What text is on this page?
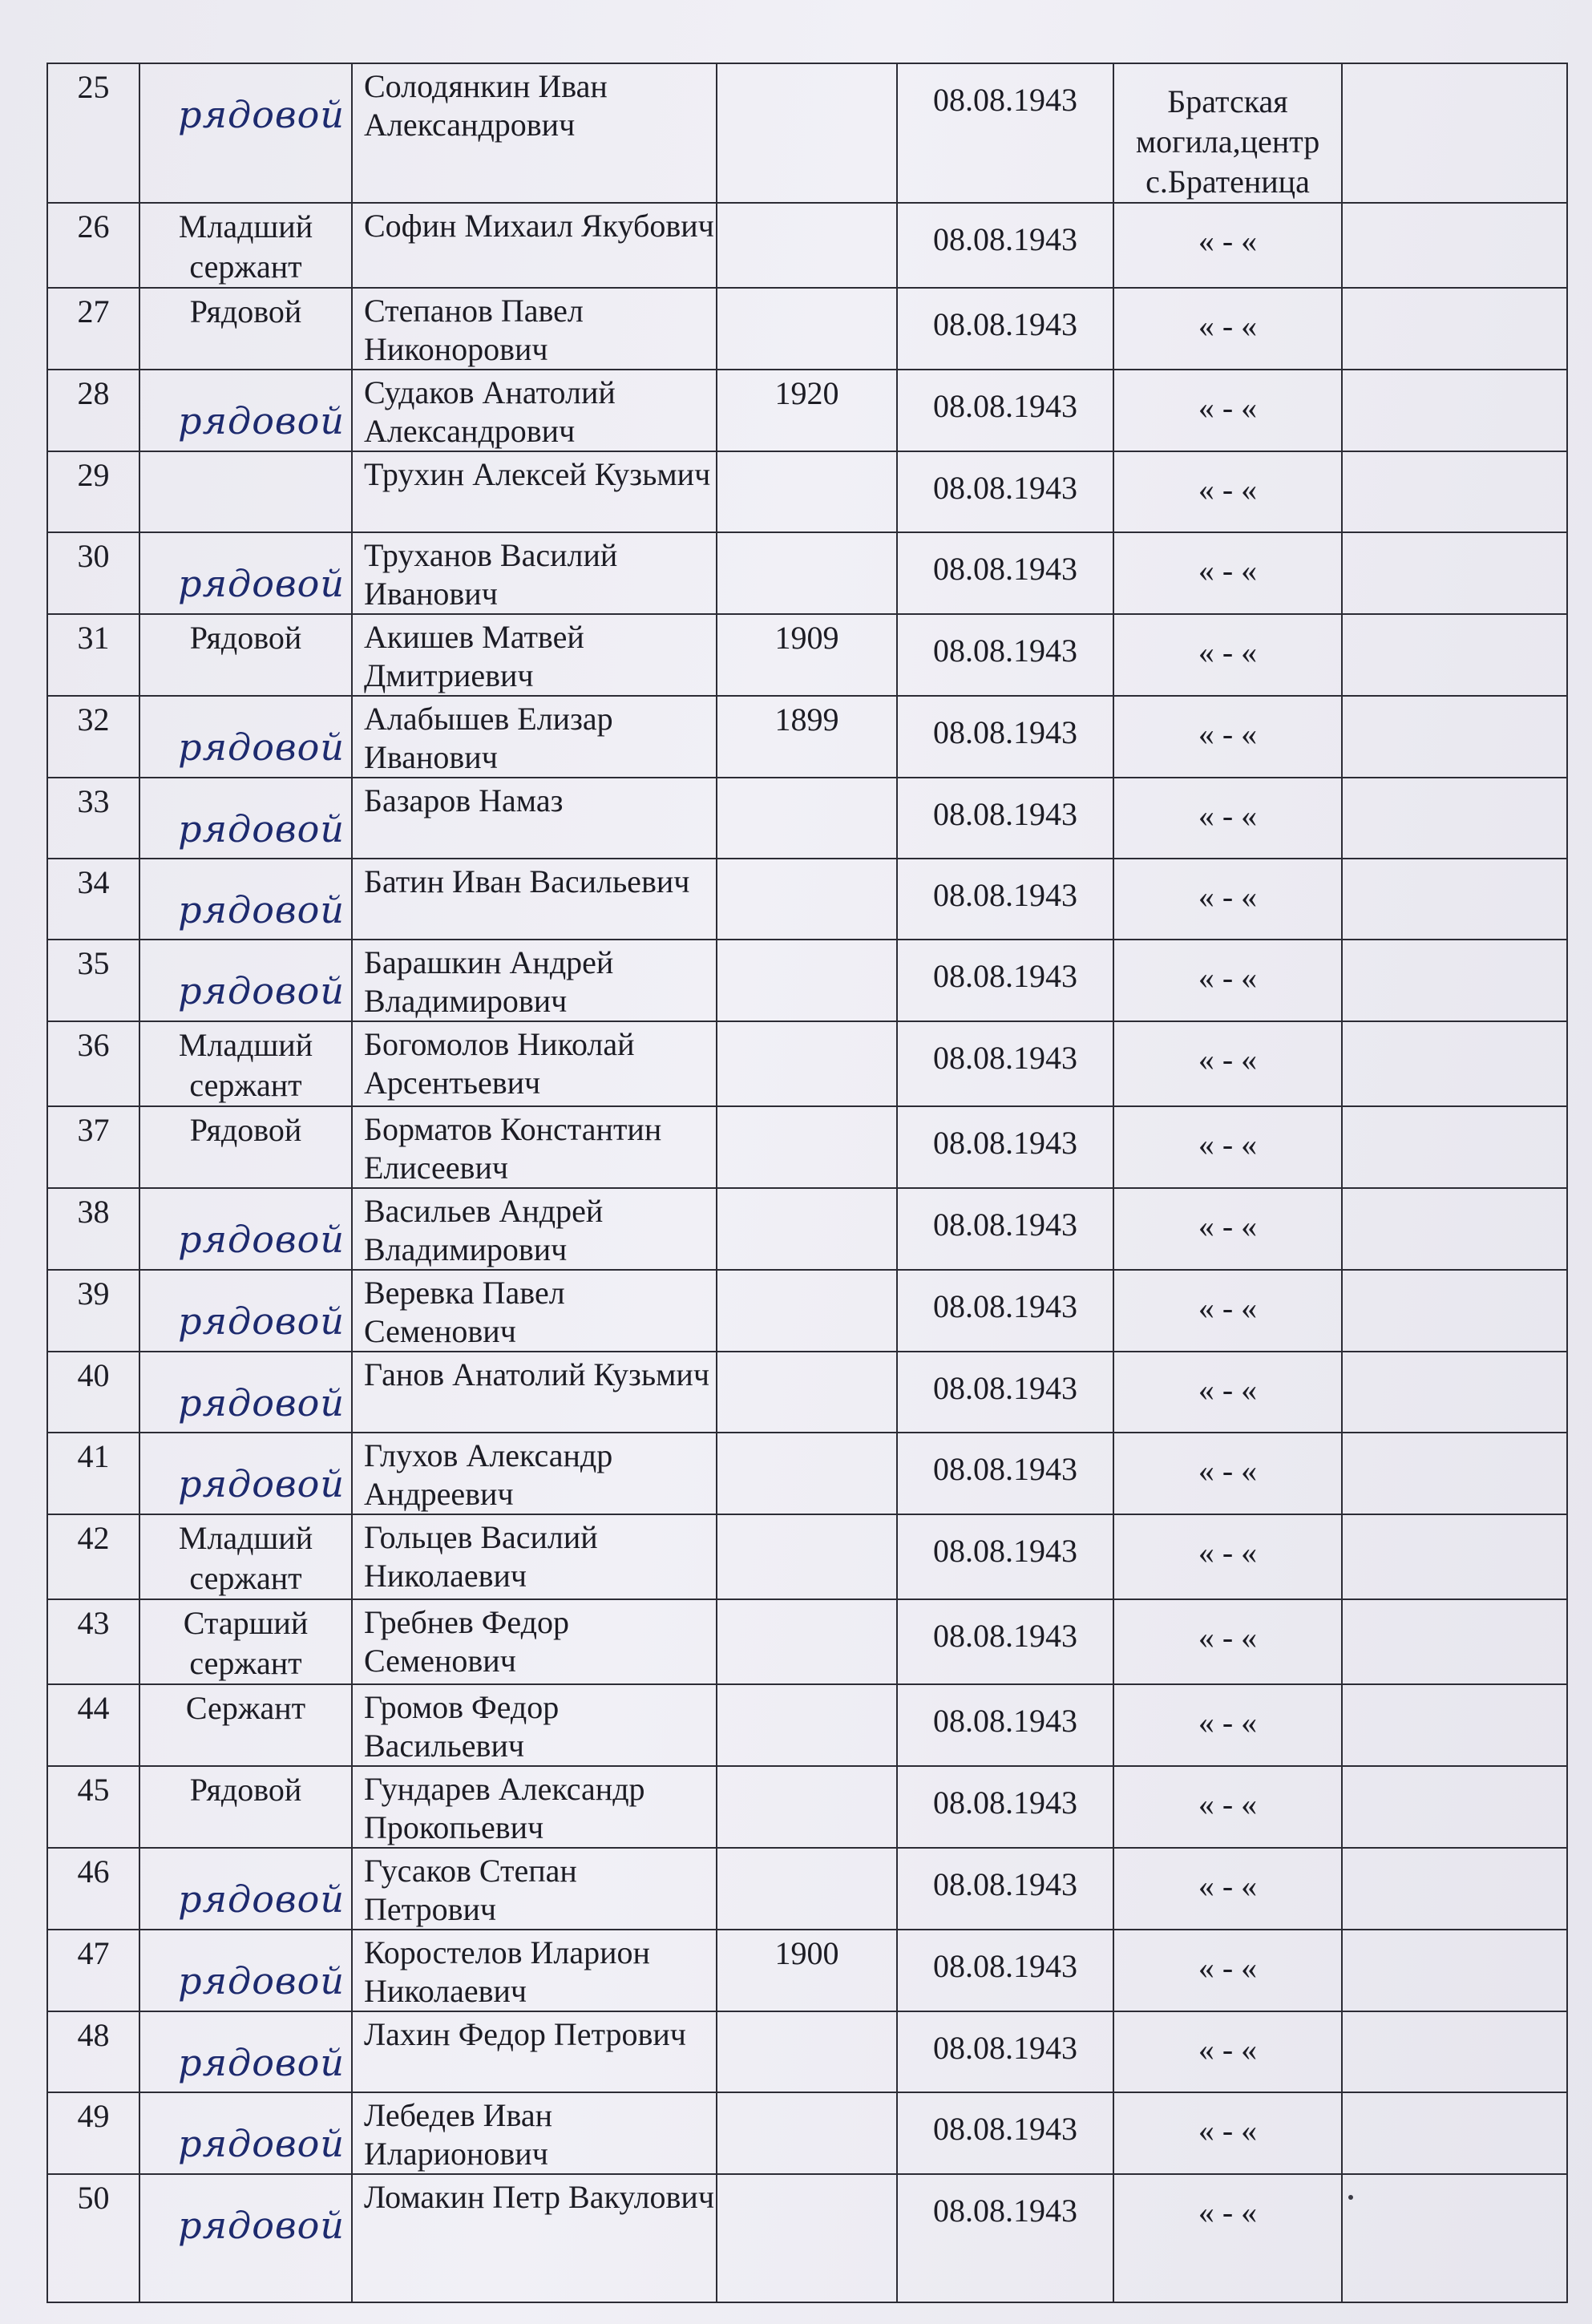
25	рядовой	Солодянкин Иван Александрович		08.08.1943	Братская могила,центр с.Братеница	

26	Младший сержант	Софин Михаил Якубович		08.08.1943	« - «	

27	Рядовой	Степанов Павел Никонорович		08.08.1943	« - «	

28	рядовой	Судаков Анатолий Александрович	1920	08.08.1943	« - «	

29		Трухин Алексей Кузьмич		08.08.1943	« - «	

30	рядовой	Труханов Василий Иванович		08.08.1943	« - «	

31	Рядовой	Акишев Матвей Дмитриевич	1909	08.08.1943	« - «	

32	рядовой	Алабышев Елизар Иванович	1899	08.08.1943	« - «	

33	рядовой	Базаров Намаз		08.08.1943	« - «	

34	рядовой	Батин Иван Васильевич		08.08.1943	« - «	

35	рядовой	Барашкин Андрей Владимирович		08.08.1943	« - «	

36	Младший сержант	Богомолов Николай Арсентьевич		08.08.1943	« - «	

37	Рядовой	Борматов Константин Елисеевич		08.08.1943	« - «	

38	рядовой	Васильев Андрей Владимирович		08.08.1943	« - «	

39	рядовой	Веревка Павел Семенович		08.08.1943	« - «	

40	рядовой	Ганов Анатолий Кузьмич		08.08.1943	« - «	

41	рядовой	Глухов Александр Андреевич		08.08.1943	« - «	

42	Младший сержант	Гольцев Василий Николаевич		08.08.1943	« - «	

43	Старший сержант	Гребнев Федор Семенович		08.08.1943	« - «	

44	Сержант	Громов Федор Васильевич		08.08.1943	« - «	

45	Рядовой	Гундарев Александр Прокопьевич		08.08.1943	« - «	

46	рядовой	Гусаков Степан Петрович		08.08.1943	« - «	

47	рядовой	Коростелов Иларион Николаевич	1900	08.08.1943	« - «	

48	рядовой	Лахин Федор Петрович		08.08.1943	« - «	

49	рядовой	Лебедев Иван Иларионович		08.08.1943	« - «	

50	рядовой	Ломакин Петр Вакулович		08.08.1943	« - «	
